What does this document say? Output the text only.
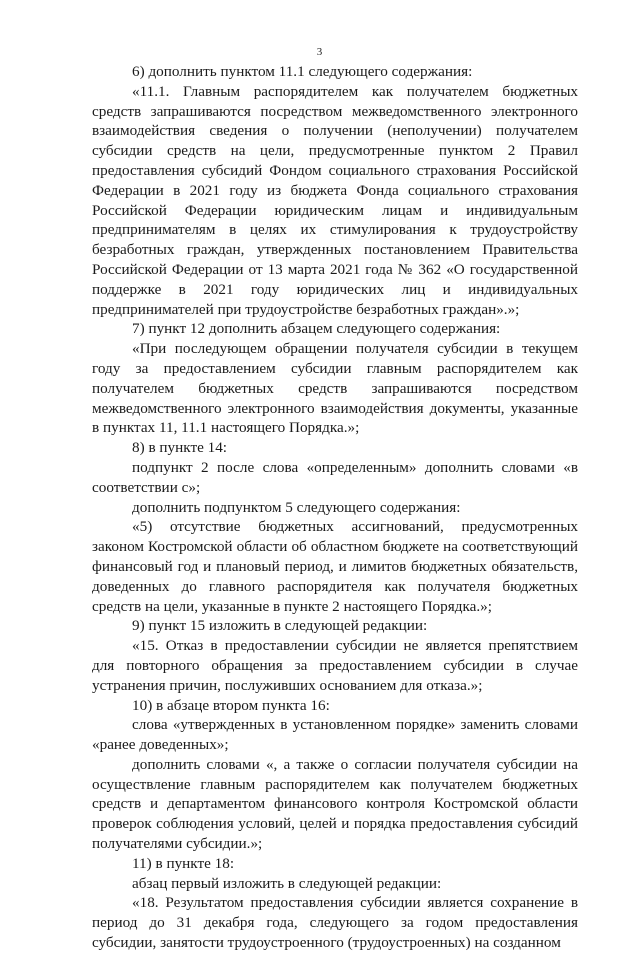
3

6) дополнить пунктом 11.1 следующего содержания:

«11.1. Главным распорядителем как получателем бюджетных средств запрашиваются посредством межведомственного электронного взаимодействия сведения о получении (неполучении) получателем субсидии средств на цели, предусмотренные пунктом 2 Правил предоставления субсидий Фондом социального страхования Российской Федерации в 2021 году из бюджета Фонда социального страхования Российской Федерации юридическим лицам и индивидуальным предпринимателям в целях их стимулирования к трудоустройству безработных граждан, утвержденных постановлением Правительства Российской Федерации от 13 марта 2021 года № 362 «О государственной поддержке в 2021 году юридических лиц и индивидуальных предпринимателей при трудоустройстве безработных граждан».»;

7) пункт 12 дополнить абзацем следующего содержания:

«При последующем обращении получателя субсидии в текущем году за предоставлением субсидии главным распорядителем как получателем бюджетных средств запрашиваются посредством межведомственного электронного взаимодействия документы, указанные в пунктах 11, 11.1 настоящего Порядка.»;

8) в пункте 14:

подпункт 2 после слова «определенным» дополнить словами «в соответствии с»;

дополнить подпунктом 5 следующего содержания:

«5) отсутствие бюджетных ассигнований, предусмотренных законом Костромской области об областном бюджете на соответствующий финансовый год и плановый период, и лимитов бюджетных обязательств, доведенных до главного распорядителя как получателя бюджетных средств на цели, указанные в пункте 2 настоящего Порядка.»;

9) пункт 15 изложить в следующей редакции:

«15. Отказ в предоставлении субсидии не является препятствием для повторного обращения за предоставлением субсидии в случае устранения причин, послуживших основанием для отказа.»;

10) в абзаце втором пункта 16:

слова «утвержденных в установленном порядке» заменить словами «ранее доведенных»;

дополнить словами «, а также о согласии получателя субсидии на осуществление главным распорядителем как получателем бюджетных средств и департаментом финансового контроля Костромской области проверок соблюдения условий, целей и порядка предоставления субсидий получателями субсидии.»;

11) в пункте 18:

абзац первый изложить в следующей редакции:

«18. Результатом предоставления субсидии является сохранение в период до 31 декабря года, следующего за годом предоставления субсидии, занятости трудоустроенного (трудоустроенных) на созданном
